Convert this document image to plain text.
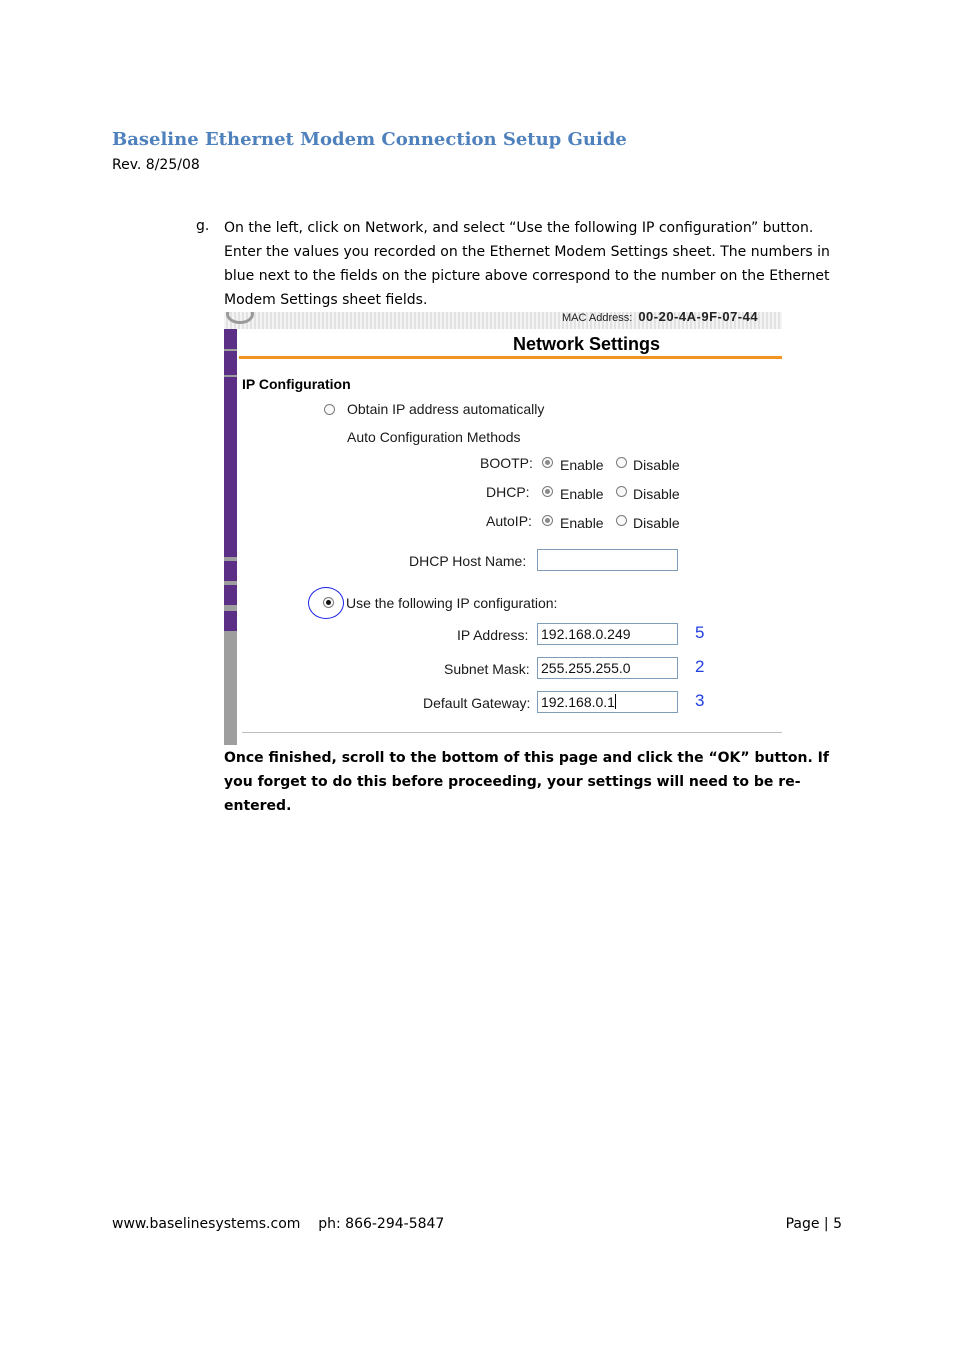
Baseline Ethernet Modem Connection Setup Guide
Rev. 8/25/08
g. On the left, click on Network, and select “Use the following IP configuration” button. Enter the values you recorded on the Ethernet Modem Settings sheet. The numbers in blue next to the fields on the picture above correspond to the number on the Ethernet Modem Settings sheet fields.
MAC Address: 00-20-4A-9F-07-44
Network Settings
IP Configuration
Obtain IP address automatically
Auto Configuration Methods
BOOTP: Enable Disable
DHCP: Enable Disable
AutoIP: Enable Disable
DHCP Host Name:
Use the following IP configuration:
IP Address: 192.168.0.249	5
Subnet Mask: 255.255.255.0	2
Default Gateway: 192.168.0.1	3
Once finished, scroll to the bottom of this page and click the “OK” button. If you forget to do this before proceeding, your settings will need to be re-entered.
www.baselinesystems.com ph: 866-294-5847	Page | 5
